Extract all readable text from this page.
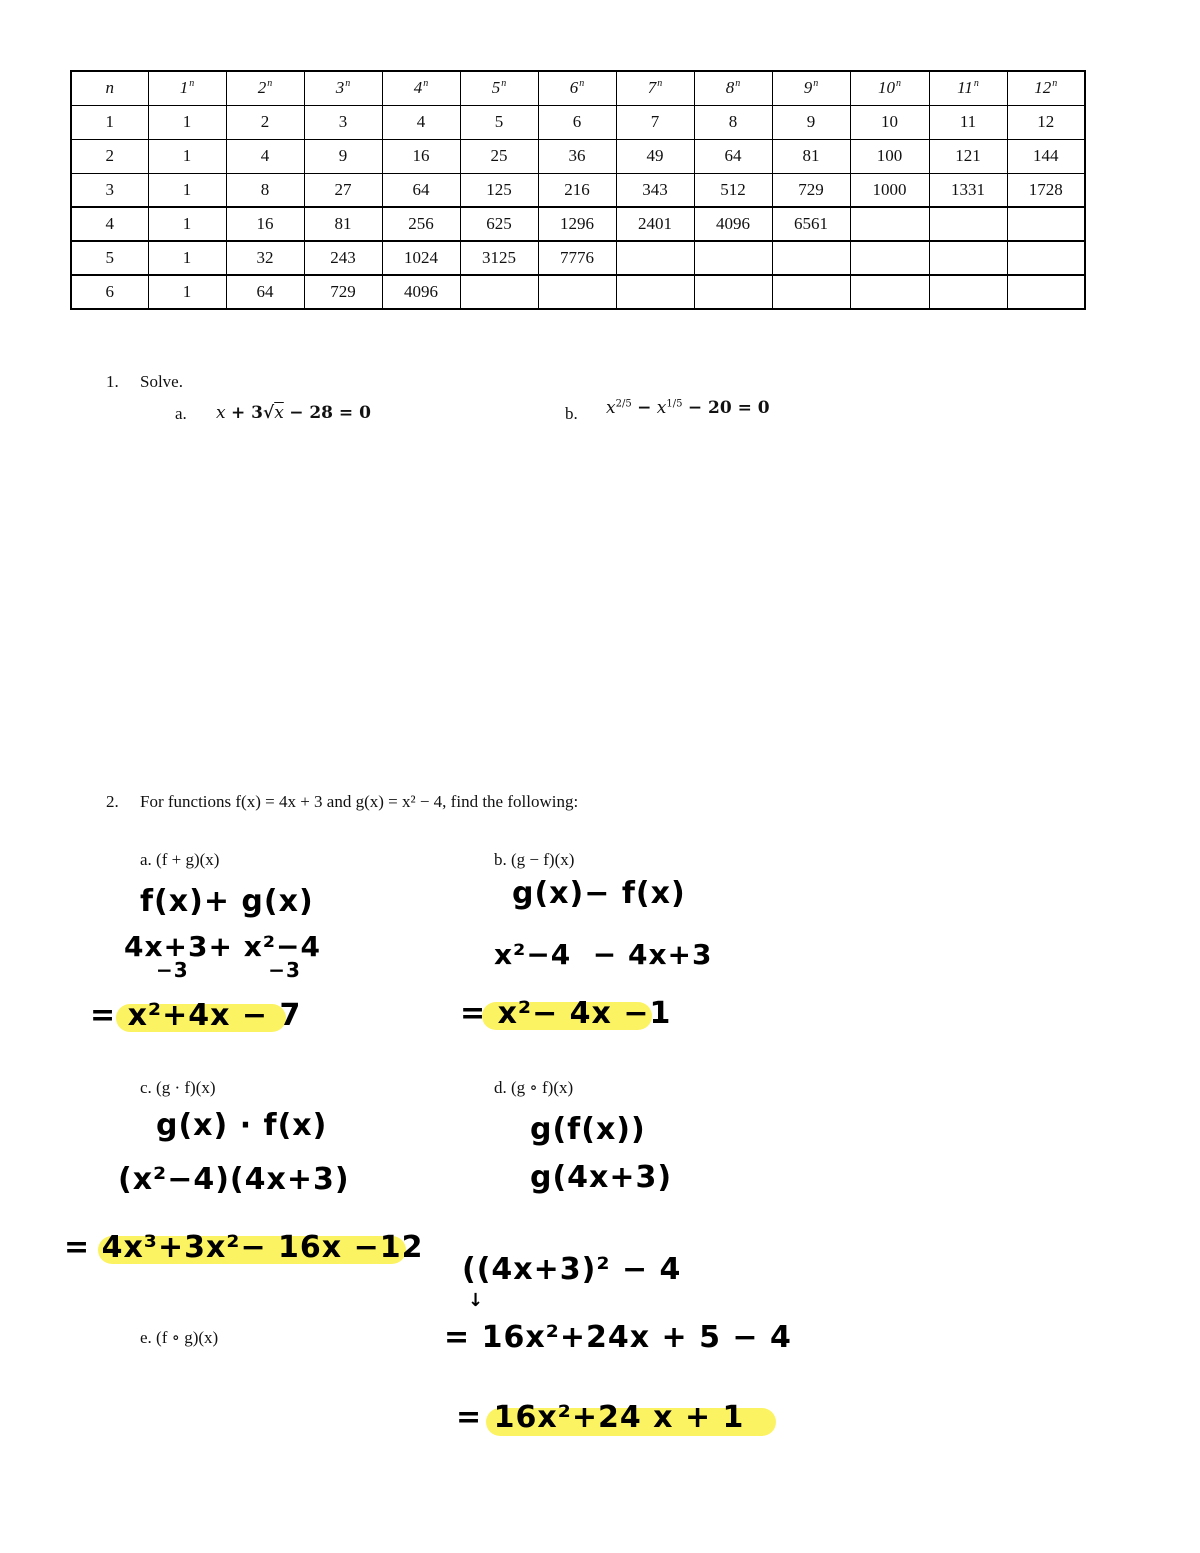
n	1$^n$	2$^n$	3$^n$	4$^n$	5$^n$	6$^n$	7$^n$	8$^n$	9$^n$	10$^n$	11$^n$	12$^n$
1	1	2	3	4	5	6	7	8	9	10	11	12
2	1	4	9	16	25	36	49	64	81	100	121	144
3	1	8	27	64	125	216	343	512	729	1000	1331	1728
4	1	16	81	256	625	1296	2401	4096	6561			
5	1	32	243	1024	3125	7776						
6	1	64	729	4096								
1. Solve.
a. x + 3√x − 28 = 0	b. $x^{2/5} - x^{1/5} - 20 = 0$
2. For functions f(x) = 4x + 3 and g(x) = x² − 4, find the following:
a. (f + g)(x)	b. (g − f)(x)
c. (g · f)(x)	d. (g ∘ f)(x)
e. (f ∘ g)(x)
f(x)+ g(x)
4x+3+ x²−4
−3          −3
= x²+4x − 7
g(x)− f(x)
x²−4  − 4x+3
= x²− 4x −1
g(x) · f(x)
(x²−4)(4x+3)
= 4x³+3x²− 16x −12
g(f(x))
g(4x+3)
((4x+3)² − 4
↓
= 16x²+24x + 5 − 4
= 16x²+24 x + 1
